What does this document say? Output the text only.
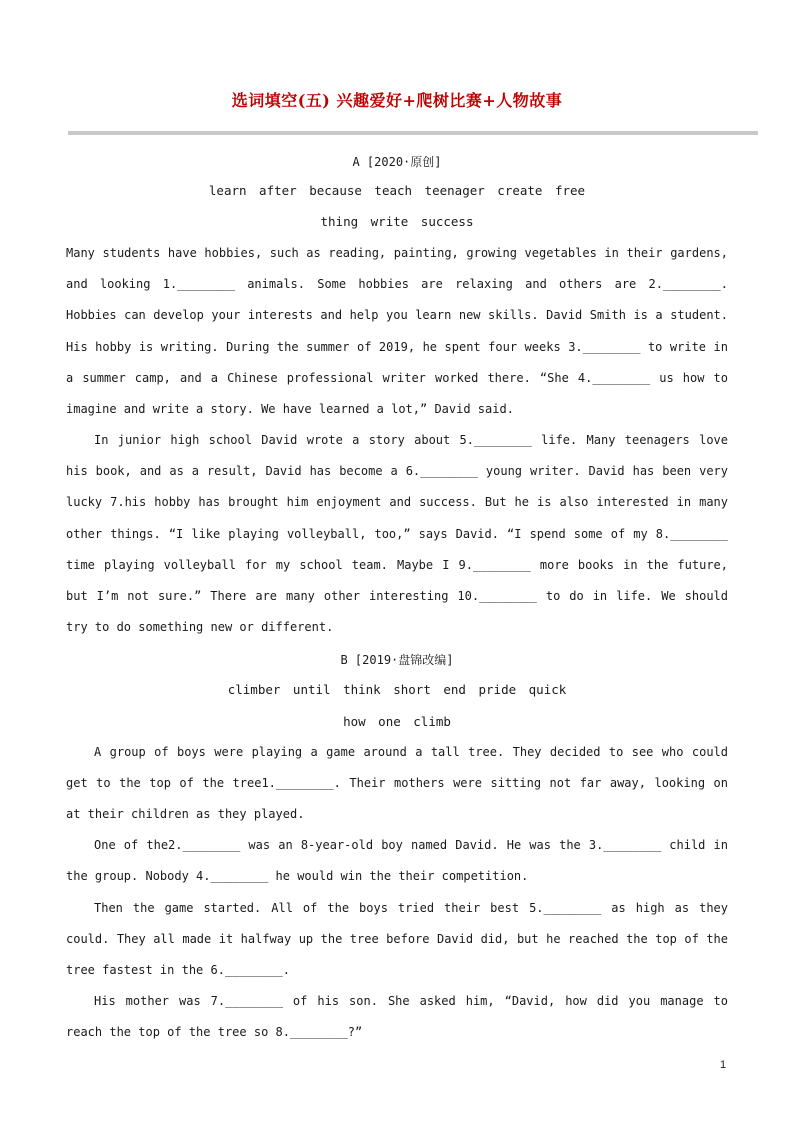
选词填空(五) 兴趣爱好+爬树比赛+人物故事
A [2020·原创]
learn after because teach teenager create free
thing write success

Many students have hobbies, such as reading, painting, growing vegetables in their gardens, and looking 1.________ animals. Some hobbies are relaxing and others are 2.________. Hobbies can develop your interests and help you learn new skills. David Smith is a student. His hobby is writing. During the summer of 2019, he spent four weeks 3.________ to write in a summer camp, and a Chinese professional writer worked there. “She 4.________ us how to imagine and write a story. We have learned a lot,” David said.

In junior high school David wrote a story about 5.________ life. Many teenagers love his book, and as a result, David has become a 6.________ young writer. David has been very lucky 7.his hobby has brought him enjoyment and success. But he is also interested in many other things. “I like playing volleyball, too,” says David. “I spend some of my 8.________ time playing volleyball for my school team. Maybe I 9.________ more books in the future, but I’m not sure.” There are many other interesting 10.________ to do in life. We should try to do something new or different.

B [2019·盘锦改编]
climber until think short end pride quick
how one climb

A group of boys were playing a game around a tall tree. They decided to see who could get to the top of the tree1.________. Their mothers were sitting not far away, looking on at their children as they played.

One of the2.________ was an 8-year-old boy named David. He was the 3.________ child in the group. Nobody 4.________ he would win the their competition.

Then the game started. All of the boys tried their best 5.________ as high as they could. They all made it halfway up the tree before David did, but he reached the top of the tree fastest in the 6.________.

His mother was 7.________ of his son. She asked him, “David, how did you manage to reach the top of the tree so 8.________?”

1
